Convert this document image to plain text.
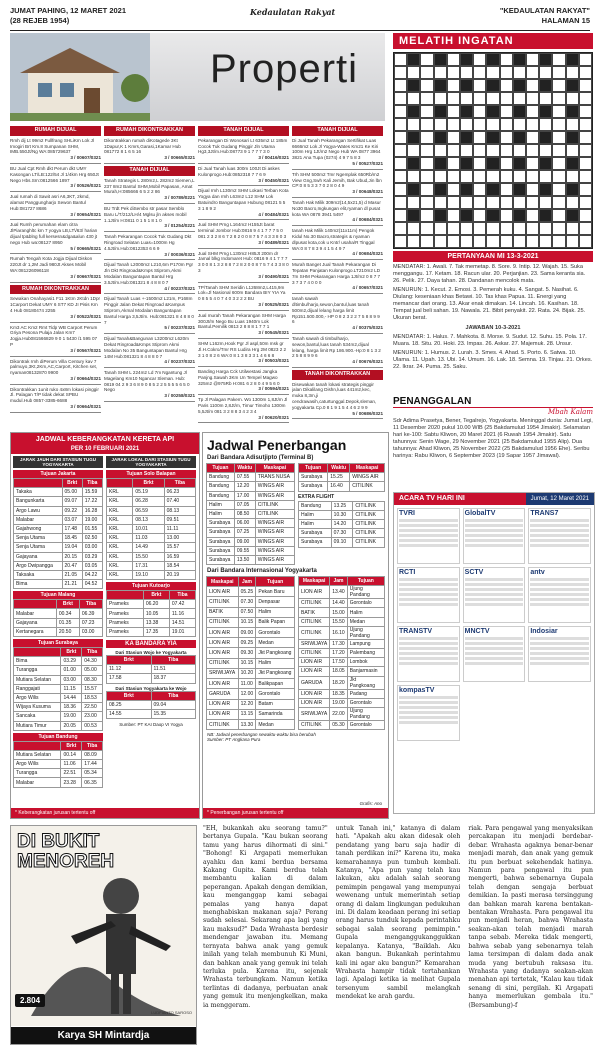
JUMAT PAHING, 12 MARET 2021
(28 REJEB 1954)
Kedaulatan Rakyat	"KEDAULATAN RAKYAT"
HALAMAN 15
Properti
RUMAH DIJUAL
Rmh dij Lt 99m2 Fullfrang SHLiKm Lok Jl Imogiri Brt Km.8 Sumpanan SHM, IMB.550Jt/Ng WA:085729637
3 / 00607/0321
BU Jual Cpt Rmh dkt Perum dkt UMY Kasongan LT/LB:122/54 Jl 1/4km Hrg 650Jt Nego Hbs.Srn:0812566 1897
3 / 00526/0321
Jual rumah di Sawit asri A6,3KT, 2kmd, alamat Panggungharjo Sewon Bantul Hub:081727 8686
3 / 00654/0321
Jual Rumh perumahan elam citra JlPiaranghltc km 7 yogya LB,LT\/63/ harian dijual tp&blng full kersesn&dga&alun 430 jt nego Hub wa:08127 8950
5 / 00665/0321
Rumah Tengah Kota Jogja Dijual Diskon 220Jt dr 1,2M Jadi 980Jt Akses Mobil WA:081226096118
3 / 00667/0321
RUMAH DIKONTRAKKAN
Sewakan Onahayasi1 F11 1Ktm 2Ktdn 1Dpr 1Carport Dekat UMY 6 ST7 KD JI Pisis Km 4 Hub 08180474 2255
3 / 00522/0321
Km3 AC Km2 Rmt Tidp WB Carport Perum Griya Pesona Pulaja Jalan Km7 Jogja.Hub081566829 9 0 1 5430 /1 595 07 P
3 / 00567/0321
Dikontrak rmh diPerum Villa Century kav 7 palmuyo,3Kt,2Km,AC,Carport, Kitchen set, nyaman08132870 9900
3 / 00664/0321
Dikontrakkan 1unit ruko 4x8m lokasi pinggir Jl. Palagan T/P tidak dekat SPBU mudul.Hub 0857-3385-6688
3 / 00664/0321
RUMAH DIKONTRAKKAN
Dikontrakkan rumah diKotagede 3Kt 1Dapur,K 1 Kmrs,Garasi,1Kamar Hub 081772 8 1 6 5 16
3 / 00665/0321
TANAH DIJUAL
Tanah Strategis L 280m2,L 282m2 Siemen,L 237 8m2 Bantul SHM,Mobil Papasan, Amat Murah,H:085666 6 5 2 2 86
3 / 00789/0221
BU Trdt Pek diSembo str pasar Semblo Baru L/T/212/LH/4 Mglsu jln akses mobil 1.1Jt/m H:0811 0 1 5 1 8 1 0
3 / 01254/0221
Tanah Pekarangan Cocok Tuk Gudang Dkt Ringroad Selatan Luas=1000m Hg 4.5Jt/m.Hub:0812353 6 6 9
3 / 00036/0321
Dijual Tanah L2000m2 L210,6m P170m Pgr Jln Dkt Ringroad&Kmps Stiprom,Akmi Modalan Banguntapan Bantul Hrg 3.5Jt/m.Hub:081321 8 4 8 8 0 7
4 / 00237/0321
Dijual Tanah Luas +-1500m2 L21m, P168m Pinggir Jalan Dekat Ringroad &Kampus Stiprom,Akmal Modalan Banguntapan Bantul Harga 3,5Jt/m. Hub:081321 8 4 8 8 0 7
5 / 00237/0321
Dijual Tanah&Bangunan L3200m2 L620m Dekat Ringroad&Kmps Stiprom Akmi Modalan No 35 Banguntapan Bantul Hrg 14M Hub:081321 8 4 8 8 0 7
4 / 00237/0321
Tanah SHM L 224m2 Ld 7m Ngantung Jl Magelang Km10 Ngancar Sleman. Hub: 0819 04 2 9 3 6 8 9 0 8 5 2 2 5 5 5 5 6 5 0 Nego
3 / 00258/0321
TANAH DIJUAL
Pekarangan Di Wonosari Lt 635m2 Lt 185m Cocok Tuk Gudang Pinggir Jln Utama Hg3,3Jt/m.Hub:08773 9 1 7 7 7 3 0
3 / 00416/0321
Di Jual Tanah luas 300m 100Jt Di askes Kulonprogo.Hub:0852318 7 7 6 9
3 / 00450/0321
Dijual rmh L130m2 SHM Lokasi Terban Kota Yogya dan rmh L63m2 L12 SHM Lok Batuindro Banguntapan Hubung 08121 5 5 3 1 8 9 2
4 / 00484/0321
Jual SHM Prng L164m2 H155Jt barat terminal Jombor Hub:0816 9 4 1 7 7 7 5 0 081 2 3 2 8 6 7 2 8 2 0 0 8 7 5 7 4 3 3 8 0 3
3 / 00489/0321
Jual SHM Prng L130m2 H85Jt 200m dr Jamal blkg Indomaret Hub: 0816 9 4 1 7 7 7 3 0 0 8 1 3 2 8 8 7 2 8 2 0 0 8 7 5 7 4 3 3 8 0 3
3 / 00490/0321
TP/Tanah SHM Seridin L1268m2,L415,9m Lok=Jl Nasional 600m Bandara BIY YIA Ya 0 8 5 5 4 0 7 4 0 3 2 2 2 BU
3 / 00525/0321
Jual murah Tanah Pekarangan SHM Harga 300Jt/m Nego Bu Luas 1940m Lok Bantul.Pemilik 0813 2 8 8 8 1 7 7 1
3 / 00545/0321
SHM L162m,Hook Pgr Jl aspl,50m msk gr Jl.H.Cokro/Tmr RS Ludira Hrg 2M 0823 2 2 3 1 0 8 2 6 WA:0 8 1 3 8 3 3 1 4 6 6 8
3 / 00503/0321
Banding Harga Cck Utilwestasi Jangka Panjng.Sawah 3Km Un Tempel Magwo 325m2 @975Rb H:081 6 2 8 0 4 9 5 6 0
3 / 00594/0321
Tp Jl Palagan Pakem. Wo 1300m 1,8Jt/m Jl Paris 1100m 2,8Jt/m, Timur Timoho 1300m 5,5Jt/m 081 3 2 8 8 3 4 2 3 4
3 / 00620/0321
TANAH DIJUAL
Di Jual Tanah Pekarangan Sertifikat Luas 6666m2 Lok Jl Yogya-Wates Km21 Ke Kiri 100m Hrg 1Jt/m2 Nego Hub WA 0877 3964 3821 Ana Tupa (0274) 4 9 7 5 8 3
5 / 00527/0321
Trh SHM 500m2 Tmr Ngemplak 650Rb/m2 View Gng,Swh Kali Jemih, Bak Ubud,Jin lbn CP:0 8 5 3 3 7 0 2 8 0 4 9
3 / 00648/0321
Tanah Hak Milik 309m2(14,5x21,5) d Masur No30 Bacro,Ingkungan elit,ryaman dl pusat kota WA 0878 3941 5497
4 / 00684/0321
tanah Hak Milik 140m2(11x11m) Pengok Kidul No.30 Bacro,strategis & nyaman dlpusat kota,cok u Kntr/ usaha/R Tinggal WA:0 8 7 8 3 9 4 1 5 4 9 7
4 / 00684/0321
Murah Banget Jual Tanah Pekarangan Di Tepatan Panjatan Kulonprogo.LT210m2 LD 7m SHM Pekarangan Harga 1Jt/m2 0 8 7 7 3 7 3 7 4 0 0 0
4 / 00657/0321
tanah sawah dltimbu/harjo,sewon,bantul,luas tanah 500m2,dijual lelang harga limit Rp151.500.000,- HP 0 8 2 3 2 2 7 5 8 8 9 9 6
4 / 00375/0321
Tanah sawah di timbulharjo, sewon,bantul,luas tanah 534m2,dijual lelang, harga limit Rp 186.900.-Hp:0 8 1 3 2 2 5 8 8 9 9 6
4 / 00676/0321
TANAH DIKONTRAKKAN
Disewakan tanah lokasi strategis pinggir jalan Dikalilang Dishn,luas 441m2,kec, muka 8,3m,ji cendrawasih,caturtunggal.Depok,sleman, yogyakarta Cp.0 8 1 9 1 5 4 4 6 2 9 9
5 / 00686/0321
MELATIH INGATAN
PERTANYAAN MI 13-3-2021
MENDATAR: 1. Awali. 7. Tak memetap. 8. Sore. 9. Intip. 12. Wajah. 15. Suka menggangu. 17. Ketam. 18. Racun ular. 20. Perjanjian. 23. Sama keranta sia. 26. Pelik. 27. Daya tahan. 28. Dandanan mencolok mata.
MENURUN: 1. Kecut. 2. Emosi. 3. Pemerah kuku. 4. Sangat. 5. Nasihat. 6. Diulang: keseniaan khas Betawi. 10. Tas khas Papua. 11. Energi yang memancar dari orang. 13. Akar enak dimakan. 14. Lincah. 16. Kasihan. 18. Tempat jual beli sahan. 19. Nawala. 21. Bibit penyakit. 22. Rata. 24. Bijak. 25. Ukuran berat.
JAWABAN 10-3-2021
MENDATAR: 1. Halus. 7. Mahkota. 8. Morse. 9. Sudut. 12. Suhu. 15. Pola. 17. Muara. 18. Situ. 20. Hoki. 23. Impas. 26. Askar. 27. Majemuk. 28. Unsur.
MENURUN: 1. Humus. 2. Lurah. 3. Smes. 4. Ahad. 5. Porto. 6. Satwa. 10. Ulama. 11. Upah. 13. Ubi. 14. Umum. 16. Lak. 18. Semna. 19. Tinjau. 21. Orkes. 22. Ikrar. 24. Puma. 25. Saku.
PENANGGALAN
Mbah Kalam
Sdr Adima Prasetya, Bener, Tegalrejo, Yogyakarta. Meninggal dunia: Jumat Legi, 11 Desember 2020 pukul 10.00 WIB (25 Bakdamulud 1954 Jimakir). Selamatan hari ke-100: Sabtu Kliwon, 20 Maret 2021 (6 Ruwah 1954 Jimakir). Satu tahunnya: Senin Wage, 29 November 2021 (25 Bakdamulud 1955 Alip). Dua tahunnya: Ahad Kliwon, 25 November 2022 (25 Bakdamulud 1956 Ehe). Seribu harinya: Rabu Kliwon, 6 September 2023 (19 Sapar 1957 Jimawal).
ACARA TV HARI INI	Jumat, 12 Maret 2021
TVRI	GlobalTV	TRANS7
RCTI	SCTV	antv
TRANSTV	MNCTV	Indosiar
kompasTV
JADWAL KEBERANGKATAN KERETA API
PER 10 FEBRUARI 2021
JARAK JAUH DARI STASIUN TUGU YOGYAKARTA
Tujuan Jakarta
	Brkt	Tiba
Takaka	05.00	15.59
Bangunkarta	09.07	17.22
Argo Lawu	09.22	16.28
Malabar	03.07	19.00
Gajahwong	17.48	01.55
Senja Utama	18.45	02.50
Senja Utama	19.04	03.00
Gajayana	20.15	03.29
Argo Dwipangga	20.47	03.05
Taksaka	21.05	04.22
Bima	21.21	04.52
Tujuan Malang
	Brkt	Tiba
Malabar	00.34	06.39
Gajayana	01.35	07.23
Kertanegara	20.50	03.00
Tujuan Surabaya
	Brkt	Tiba
Bima	03.29	04.30
Turangga	01.00	05.00
Mutiara Selatan	03.00	08.30
Ranggajati	11.15	15.57
Argo Wilis	14.44	18.53
Wijaya Kusuma	18.36	22.50
Sancaka	19.00	23.00
Mutiara Timur	20.05	00.53
Tujuan Bandung
	Brkt	Tiba
Mutiara Selatan	00.14	08.09
Argo Wilis	11.06	17.44
Turangga	22.51	05.34
Malabar	23.28	06.35
JARAK LOKAL DARI STASIUN TUGU YOGYAKARTA
Tujuan Solo Balapan
	Brkt	Tiba
KRL	05.19	06.23
KRL	06.28	07.40
KRL	06.59	08.13
KRL	08.13	09.51
KRL	10.01	11.11
KRL	11.03	13.00
KRL	14.49	15.57
KRL	15.50	16.59
KRL	17.31	18.54
KRL	19.10	20.19
Tujuan Kutoarjo
	Brkt	Tiba
Prameks	06.20	07.42
Prameks	10.05	11.16
Prameks	13.38	14.51
Prameks	17.35	19.01
KA BANDARA YIA
Dari Stasiun Wojo ke Yogyakarta
Brkt	Tiba
11.12	11.51
17.58	18.37
Dari Stasiun Yogyakarta ke Wojo
Brkt	Tiba
08.25	09.04
14.55	15.35
Sumber: PT KAI Daop VI Yogya
* Keberangkatan jurusan tertentu off
Jadwal Penerbangan
Dari Bandara Adisutjipto (Terminal B)
Tujuan	Waktu	Maskapai
Bandung	07.55	TRANS NUSA
Bandung	12.20	WINGS AIR
Bandung	17.00	WINGS AIR
Halim	07.05	CITILINK
Halim	08.50	CITILINK
Surabaya	06.00	WINGS AIR
Surabaya	07.25	WINGS AIR
Surabaya	09.00	WINGS AIR
Surabaya	09.55	WINGS AIR
Surabaya	13.50	WINGS AIR
Tujuan	Waktu	Maskapai
Surabaya	15.25	WINGS AIR
Surabaya	16.40	CITILINK
EXTRA FLIGHT
Bandung	13.25	CITILINK
Halim	10.30	CITILINK
Halim	14.20	CITILINK
Surabaya	07.30	CITILINK
Surabaya	09.10	CITILINK
Dari Bandara Internasional Yogyakarta
Maskapai	Jam	Tujuan
LION AIR	05.25	Pekan Baru
CITILINK	07.30	Denpasar
BATIK	07.50	Halim
CITILINK	10.15	Balik Papan
LION AIR	09.00	Gorontalo
LION AIR	09.25	Medan
LION AIR	09.30	Jkt Pangkoang
CITILINK	10.15	Halim
SRIWIJAYA	10.20	Jkt Pangkoang
LION AIR	11.00	Balikpapan
GARUDA	12.00	Gorontalo
LION AIR	12.20	Batam
LION AIR	13.15	Samarinda
CITILINK	13.30	Medan
Maskapai	Jam	Tujuan
LION AIR	13.40	Ujung Pandang
CITILINK	14.40	Gorontalo
BATIK	15.00	Halim
CITILINK	15.50	Medan
CITILINK	16.10	Ujung Pandang
SRIWIJAYA	17.30	Lampung
CITILINK	17.20	Palembang
LION AIR	17.50	Lombok
LION AIR	18.05	Banjarmasin
GARUDA	18.20	Jkt Pangkoang
LION AIR	18.35	Padang
LION AIR	19.00	Gorontalo
SRIWIJAYA	22.00	Ujung Pandang
CITILINK	05.30	Gorontalo
NB: Jadwal penerbangan sewaktu-waktu bisa berubah
Sumber: PT Angkasa Pura
Grafis: Ano
* Penerbangan jurusan tertentu off
DI BUKIT MENOREH
2.804
LUDFIANTO SAROSO
Karya SH Mintardja
"EH, bukankah aku seorang tamu?" bertanya Gupala. "Kau bukan seorang tamu yang harus dihormati di sini." "Bohong! Ki Argapati memerlukan ayahku dan kami berdua bersama Kakang Gupita. Kami berdua telah membantu kalian di dalam peperangan. Apakah dengan demikian, kau menganggap kami sebagai pemalas yang hanya dapat menghabiskan makanan saja? Perang sudah selesai. Sekarang apa lagi yang kau maksud?" Dada Wrahasta berdesir mendengar jawaban itu. Memang ternyata bahwa anak yang gemuk inilah yang telah membunuh Ki Muni, dan bahkan anak yang gemuk ini telah terluka pula. Karena itu, sejenak Wrahasta terbungkam. Namun ketika terlintas di dadanya, perbuatan anak yang gemuk itu menjengkelkan, maka ia menggeram.
untuk Tanah ini," katanya di dalam hati. "Apakah aku akan didesak oleh pendatang yang baru saja hadir di tanah perdikan ini?" Karena itu, maka kemarahannya pun tumbuh kembali. Katanya, "Apa pun yang telah kau lakukan, aku adalah salah seorang pemimpin pengawal yang mempunyai wewenang untuk memerintah setiap orang di dalam lingkungan pedukuhan ini. Di dalam keadaan perang ini setiap orang harus tunduk kepada perintahku sebagai salah seorang pemimpin." Gupala menganggukanggukkan kepalanya. Katanya, "Baiklah. Aku akan bangun. Bukankah perintahmu kali ini agar aku bangun?" Kemarahan Wrahasta hampir tidak tertahankan lagi. Apalagi ketika ia melihat Gupala tersenyum sambil melangkah mendekat ke arah gardu.
riak. Para pengawal yang menyaksikan percakapan itu menjadi berdebar-debar. Wrahasta agaknya benar-benar menjadi marah, dan anak yang gemuk itu pun berbuat sekehendak hatinya. Namun para pengawal itu pun mengerti, bahwa sebenarnya Gupala telah dengan sengaja berbuat demikian. Ia pasti merasa tersinggung dan bahkan marah karena bentakan-bentakan Wrahasta. Para pengawal itu pun menjadi heran, bahwa Wrahasta seakan-akan telah menjadi marah tanpa sebab. Mereka tidak mengerti, bahwa sebab yang sebenarnya telah lama tersimpan di dalam dada anak muda yang bertubuh raksasa itu. Wrahasta yang dadanya seakan-akan menahan api tertetak, "Kalau kau tidak senang di sini, pergilah. Ki Argapati hanya memerlukan gembala itu." (Bersambung)-f
